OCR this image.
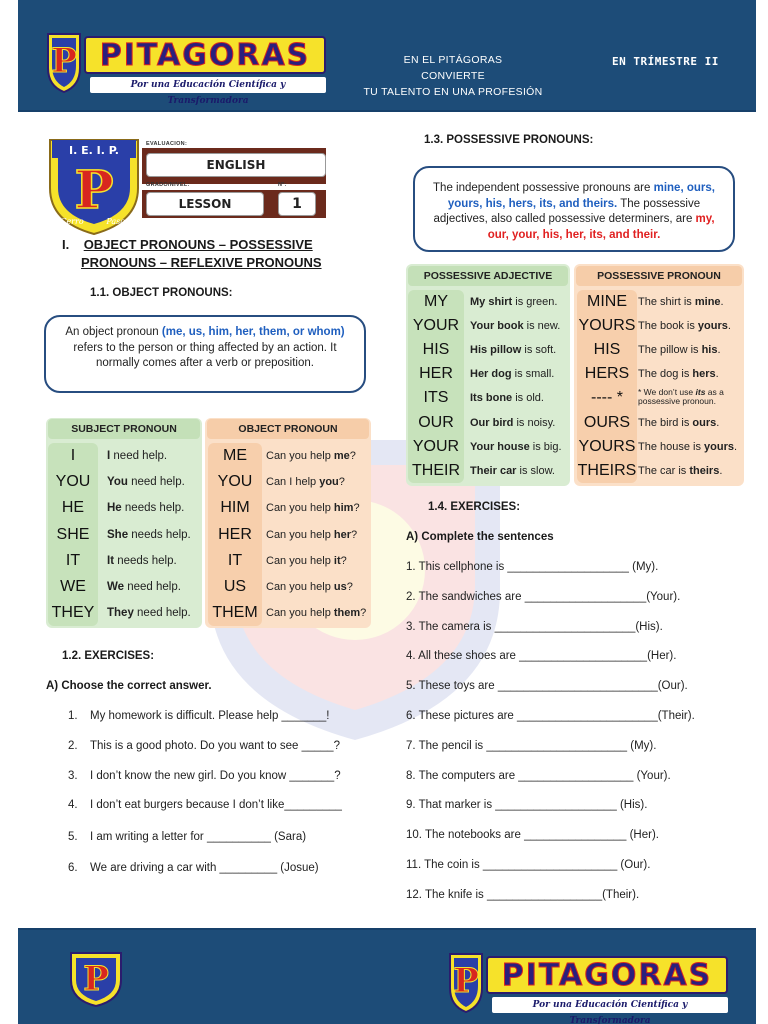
P PITAGORAS
Por una Educación Científica y Transformadora
EN EL PITÁGORAS
CONVIERTE
TU TALENTO EN UNA PROFESIÓN
EN TRÍMESTRE II
I. E. I. P.
P
Cerro	Pasco
EVALUACION:
ENGLISH
GRADO/NIVEL:	Nº:
LESSON	1
I. OBJECT PRONOUNS – POSSESSIVE
PRONOUNS – REFLEXIVE PRONOUNS
1.1. OBJECT PRONOUNS:
An object pronoun (me, us, him, her, them, or whom) refers to the person or thing affected by an action. It normally comes after a verb or preposition.
SUBJECT PRONOUN	OBJECT PRONOUN
I	I need help.	ME	Can you help me ?
YOU	You need help.	YOU	Can I help you ?
HE	He needs help.	HIM	Can you help him ?
SHE	She needs help.	HER	Can you help her ?
IT	It needs help.	IT	Can you help it ?
WE	We need help.	US	Can you help us ?
THEY	They need help. THEM Can you help them ?
1.2. EXERCISES:
A) Choose the correct answer.
1. My homework is difficult. Please help _______!
2. This is a good photo. Do you want to see _____?
3. I don’t know the new girl. Do you know _______?
4. I don’t eat burgers because I don’t like_________
5. I am writing a letter for __________ (Sara)
6. We are driving a car with _________ (Josue)
1.3. POSSESSIVE PRONOUNS:
The independent possessive pronouns are mine, ours, yours, his, hers, its, and theirs. The possessive adjectives, also called possessive determiners, are my, our, your, his, her, its, and their.
POSSESSIVE ADJECTIVE	POSSESSIVE PRONOUN
MY	My shirt is green.	MINE	The shirt is mine .
YOUR Your book is new. YOURS The book is yours .
HIS	His pillow is soft.	HIS	The pillow is his .
HER	Her dog is small.	HERS The dog is hers .
ITS	Its bone is old.	---- *	* We don’t use its as a possessive pronoun.
OUR	Our bird is noisy.	OURS The bird is ours .
YOUR Your house is big. YOURS The house is yours .
THEIR Their car is slow. THEIRS The car is theirs .
1.4. EXERCISES:
A) Complete the sentences
1. This cellphone is ___________________ (My).
2. The sandwiches are ___________________(Your).
3. The camera is ______________________(His).
4. All these shoes are ____________________(Her).
5. These toys are _________________________(Our).
6. These pictures are ______________________(Their).
7. The pencil is ______________________ (My).
8. The computers are __________________ (Your).
9. That marker is ___________________ (His).
10. The notebooks are ________________ (Her).
11. The coin is _____________________ (Our).
12. The knife is __________________(Their).
P	P PITAGORAS
Por una Educación Científica y Transformadora
